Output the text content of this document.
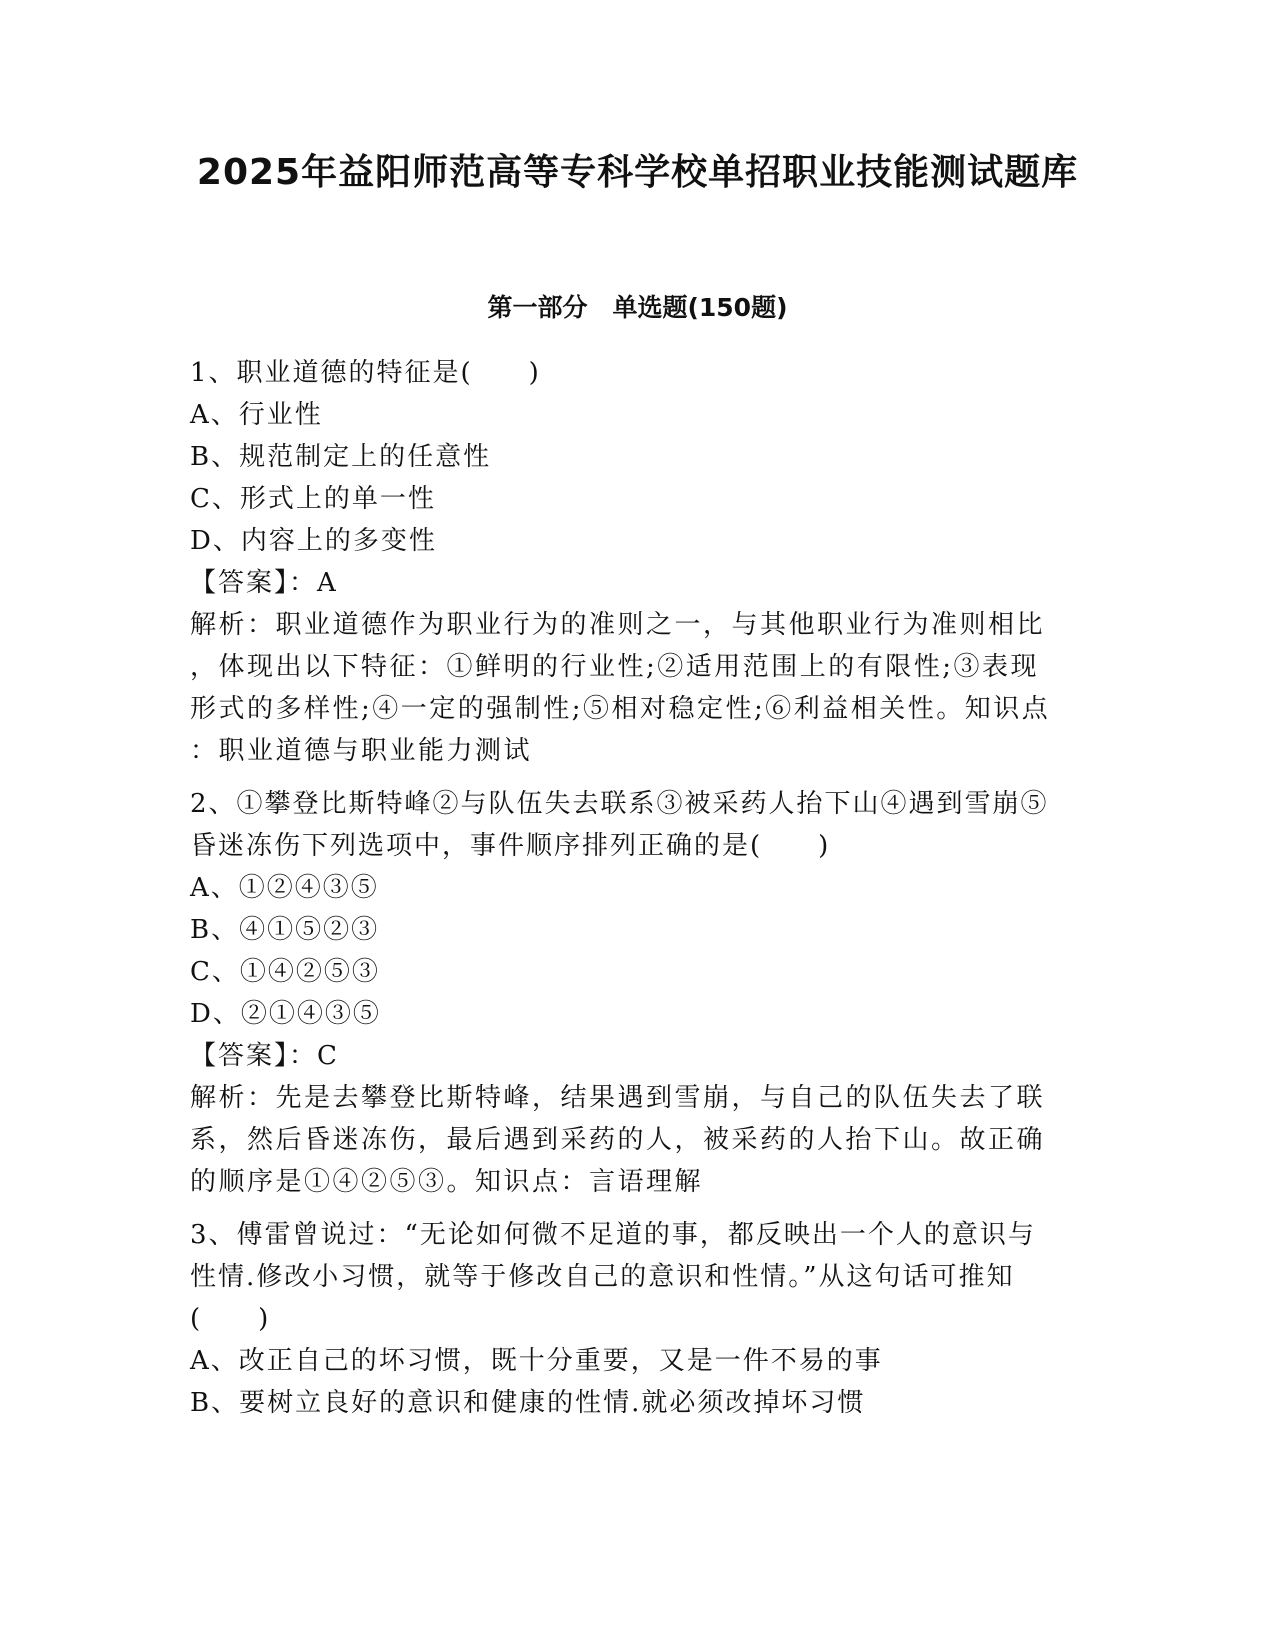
2025年益阳师范高等专科学校单招职业技能测试题库
第一部分　单选题(150题)

1、职业道德的特征是(　　)

A、行业性

B、规范制定上的任意性

C、形式上的单一性

D、内容上的多变性

【答案】：A

解析：职业道德作为职业行为的准则之一，与其他职业行为准则相比

，体现出以下特征：①鲜明的行业性;②适用范围上的有限性;③表现

形式的多样性;④一定的强制性;⑤相对稳定性;⑥利益相关性。知识点

：职业道德与职业能力测试

2、①攀登比斯特峰②与队伍失去联系③被采药人抬下山④遇到雪崩⑤

昏迷冻伤下列选项中，事件顺序排列正确的是(　　)

A、①②④③⑤

B、④①⑤②③

C、①④②⑤③

D、②①④③⑤

【答案】：C

解析：先是去攀登比斯特峰，结果遇到雪崩，与自己的队伍失去了联

系，然后昏迷冻伤，最后遇到采药的人，被采药的人抬下山。故正确

的顺序是①④②⑤③。知识点：言语理解

3、傅雷曾说过：“无论如何微不足道的事，都反映出一个人的意识与

性情.修改小习惯，就等于修改自己的意识和性情。”从这句话可推知

(　　)

A、改正自己的坏习惯，既十分重要，又是一件不易的事

B、要树立良好的意识和健康的性情.就必须改掉坏习惯
